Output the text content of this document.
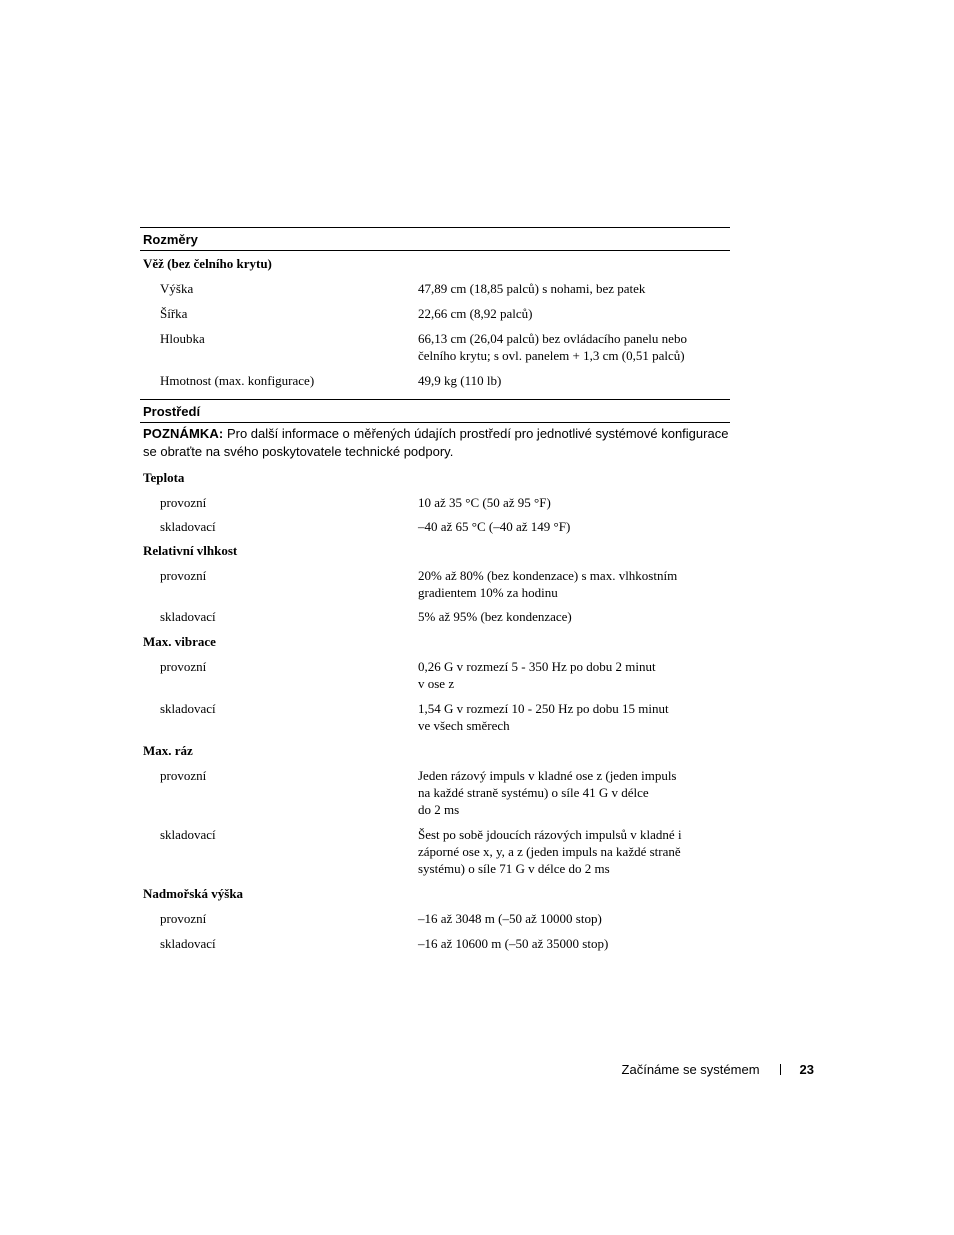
Rozměry
Věž (bez čelního krytu)
Výška	47,89 cm (18,85 palců) s nohami, bez patek
Šířka	22,66 cm (8,92 palců)
Hloubka	66,13 cm (26,04 palců) bez ovládacího panelu nebo
čelního krytu; s ovl. panelem + 1,3 cm (0,51 palců)
Hmotnost (max. konfigurace)	49,9 kg (110 lb)
Prostředí
POZNÁMKA: Pro další informace o měřených údajích prostředí pro jednotlivé systémové konfigurace se obraťte na svého poskytovatele technické podpory.
Teplota
provozní	10 až 35 °C (50 až 95 °F)
skladovací	–40 až 65 °C (–40 až 149 °F)
Relativní vlhkost
provozní	20% až 80% (bez kondenzace) s max. vlhkostním
gradientem 10% za hodinu
skladovací	5% až 95% (bez kondenzace)
Max. vibrace
provozní	0,26 G v rozmezí 5 - 350 Hz po dobu 2 minut
v ose z
skladovací	1,54 G v rozmezí 10 - 250 Hz po dobu 15 minut
ve všech směrech
Max. ráz
provozní	Jeden rázový impuls v kladné ose z (jeden impuls
na každé straně systému) o síle 41 G v délce
do 2 ms
skladovací	Šest po sobě jdoucích rázových impulsů v kladné i
záporné ose x, y, a z (jeden impuls na každé straně
systému) o síle 71 G v délce do 2 ms
Nadmořská výška
provozní	–16 až 3048 m (–50 až 10000 stop)
skladovací	–16 až 10600 m (–50 až 35000 stop)
Začínáme se systémem	23
